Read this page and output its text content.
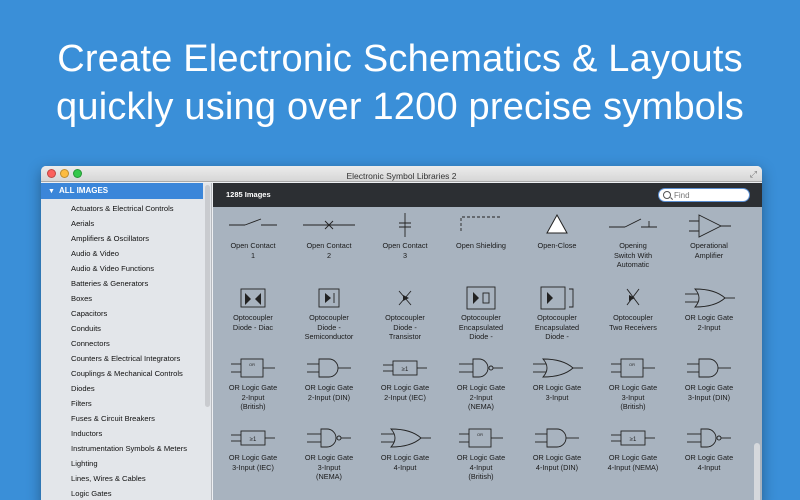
Create Electronic Schematics & Layouts
quickly using over 1200 precise symbols
Electronic Symbol Libraries 2	⤢
▼ ALL IMAGES
Actuators & Electrical Controls
Aerials
Amplifiers & Oscillators
Audio & Video
Audio & Video Functions
Batteries & Generators
Boxes
Capacitors
Conduits
Connectors
Counters & Electrical Integrators
Couplings & Mechanical Controls
Diodes
Filters
Fuses & Circuit Breakers
Inductors
Instrumentation Symbols & Meters
Lighting
Lines, Wires & Cables
Logic Gates
1285 Images
Find
Open Contact
1
Open Contact
2
Open Contact
3
Open Shielding	Open-Close	Opening
Switch With
Automatic
Operational
Amplifier
Optocoupler
Diode - Diac
Optocoupler
Diode -
Semiconductor
Optocoupler
Diode -
Transistor
Optocoupler
Encapsulated
Diode -
Optocoupler
Encapsulated
Diode -
Optocoupler
Two Receivers
OR Logic Gate
2-Input
OR
OR Logic Gate
2-Input
(British)
OR Logic Gate
2-Input (DIN)
≥1
OR Logic Gate
2-Input (IEC)
OR Logic Gate
2-Input
(NEMA)
OR Logic Gate
3-Input
OR
OR Logic Gate
3-Input
(British)
OR Logic Gate
3-Input (DIN)
≥1
OR Logic Gate
3-Input (IEC)
OR Logic Gate
3-Input
(NEMA)
OR Logic Gate
4-Input
OR
OR Logic Gate
4-Input
(British)
OR Logic Gate
4-Input (DIN)
≥1
OR Logic Gate
4-Input (NEMA)
OR Logic Gate
4-Input
